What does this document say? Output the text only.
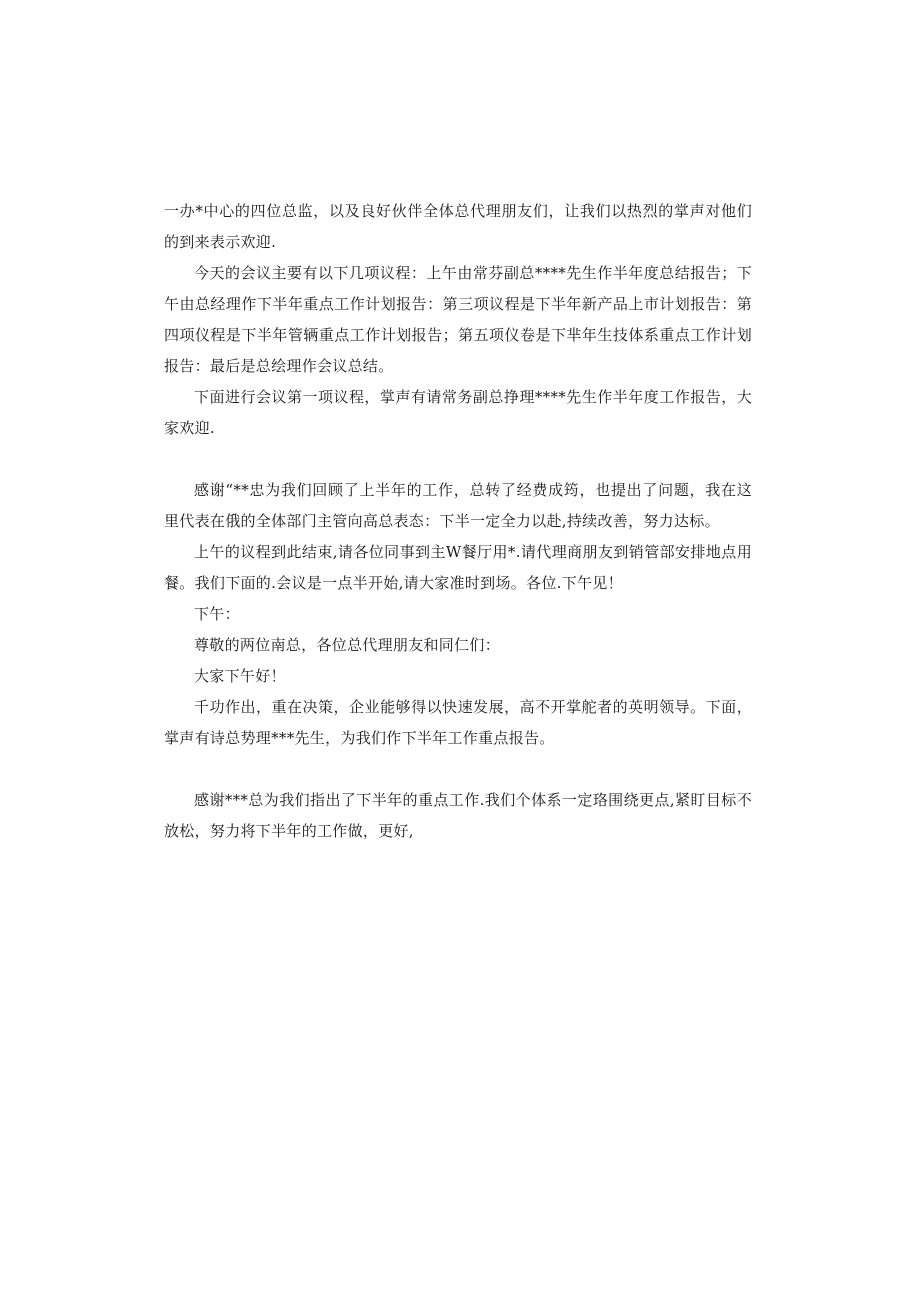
一办*中心的四位总监，以及良好伙伴全体总代理朋友们，让我们以热烈的掌声对他们的到来表示欢迎.

今天的会议主要有以下几项议程：上午由常芬副总****先生作半年度总结报告；下午由总经理作下半年重点工作计划报告：第三项议程是下半年新产品上市计划报告：第四项仪程是下半年管辆重点工作计划报告；第五项仪卷是下芈年生技体系重点工作计划报告：最后是总绘理作会议总结。

下面进行会议第一项议程，掌声有请常务副总挣理****先生作半年度工作报告，大家欢迎.

感谢“**忠为我们回顾了上半年的工作，总转了经费成筠，也提出了问题，我在这里代表在俄的全体部门主管向高总表态：下半一定全力以赴,持续改善，努力达标。

上午的议程到此结束,请各位同事到主W餐厅用*.请代理商朋友到销管部安排地点用餐。我们下面的.会议是一点半开始,请大家准时到场。各位.下午见！

下午：

尊敬的两位南总，各位总代理朋友和同仁们：

大家下午好！

千功作出，重在决策，企业能够得以快速发展，高不开掌舵者的英明领导。下面，掌声有诗总势理***先生，为我们作下半年工作重点报告。

感谢***总为我们指出了下半年的重点工作.我们个体系一定珞围绕更点,紧盯目标不放松，努力将下半年的工作做，更好,
